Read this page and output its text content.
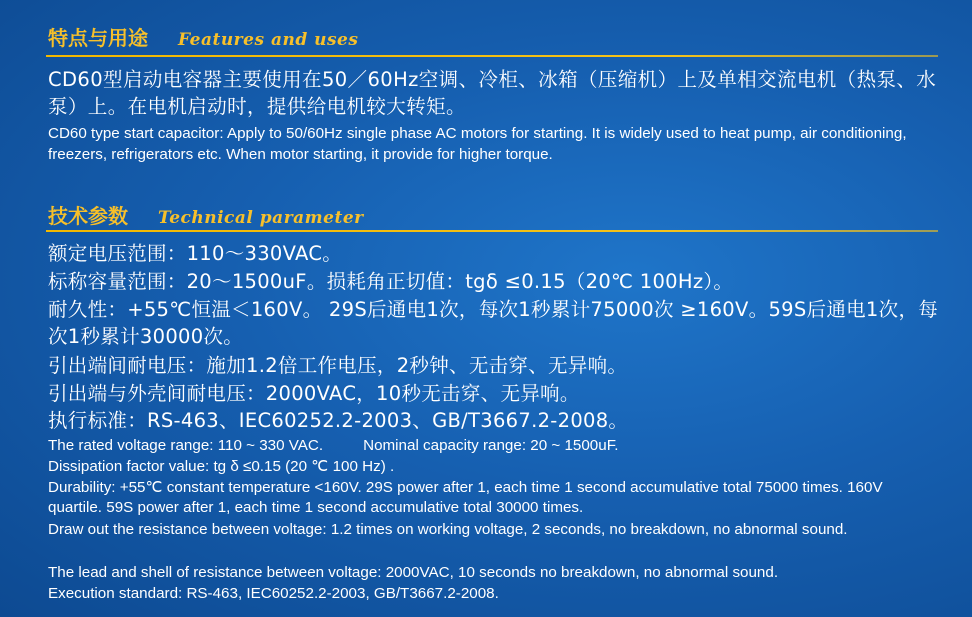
特点与用途 Features and uses

CD60型启动电容器主要使用在50／60Hz空调、冷柜、冰箱（压缩机）上及单相交流电机（热泵、水泵）上。在电机启动时，提供给电机较大转矩。

CD60 type start capacitor: Apply to 50/60Hz single phase AC motors for starting. It is widely used to heat pump, air conditioning, freezers, refrigerators etc. When motor starting, it provide for higher torque.

技术参数 Technical parameter
额定电压范围：110～330VAC。
标称容量范围：20～1500uF。损耗角正切值：tgδ ≤0.15（20℃ 100Hz）。
耐久性：+55℃恒温＜160V。 29S后通电1次，每次1秒累计75000次 ≥160V。59S后通电1次，每次1秒累计30000次。
引出端间耐电压：施加1.2倍工作电压，2秒钟、无击穿、无异响。
引出端与外壳间耐电压：2000VAC，10秒无击穿、无异响。
执行标准：RS-463、IEC60252.2-2003、GB/T3667.2-2008。
The rated voltage range: 110 ~ 330 VAC.	Nominal capacity range: 20 ~ 1500uF.
Dissipation factor value: tg δ ≤0.15 (20 ℃ 100 Hz) .
Durability: +55℃ constant temperature <160V. 29S power after 1, each time 1 second accumulative total 75000 times. 160V quartile. 59S power after 1, each time 1 second accumulative total 30000 times.
Draw out the resistance between voltage: 1.2 times on working voltage, 2 seconds, no breakdown, no abnormal sound.
The lead and shell of resistance between voltage: 2000VAC, 10 seconds no breakdown, no abnormal sound.
Execution standard: RS-463, IEC60252.2-2003, GB/T3667.2-2008.
